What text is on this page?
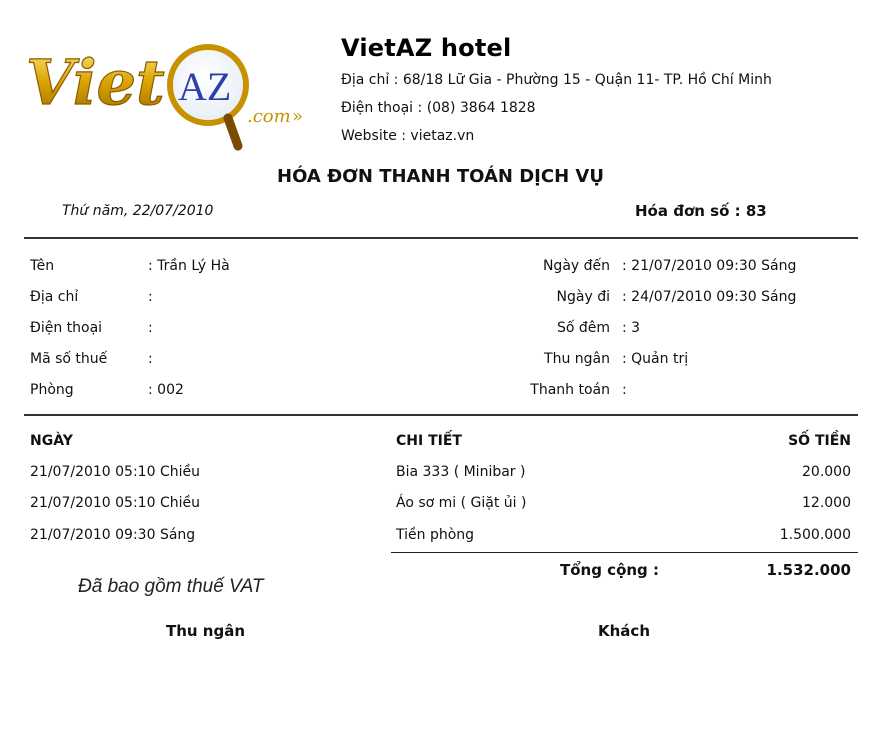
Viet AZ
.com »
VietAZ hotel
Địa chỉ : 68/18 Lữ Gia - Phường 15 - Quận 11- TP. Hồ Chí Minh
Điện thoại : (08) 3864 1828
Website : vietaz.vn
HÓA ĐƠN THANH TOÁN DỊCH VỤ
Thứ năm, 22/07/2010	Hóa đơn số : 83
Tên	: Trần Lý Hà
Địa chỉ	:
Điện thoại	:
Mã số thuế	:
Phòng	: 002
Ngày đến : 21/07/2010 09:30 Sáng
Ngày đi : 24/07/2010 09:30 Sáng
Số đêm : 3
Thu ngân : Quản trị
Thanh toán :
NGÀY	CHI TIẾT	SỐ TIỀN
21/07/2010 05:10 Chiều	Bia 333 ( Minibar )	20.000
21/07/2010 05:10 Chiều	Áo sơ mi ( Giặt ủi )	12.000
21/07/2010 09:30 Sáng	Tiền phòng	1.500.000
Tổng cộng :	1.532.000
Đã bao gồm thuế VAT
Thu ngân	Khách
